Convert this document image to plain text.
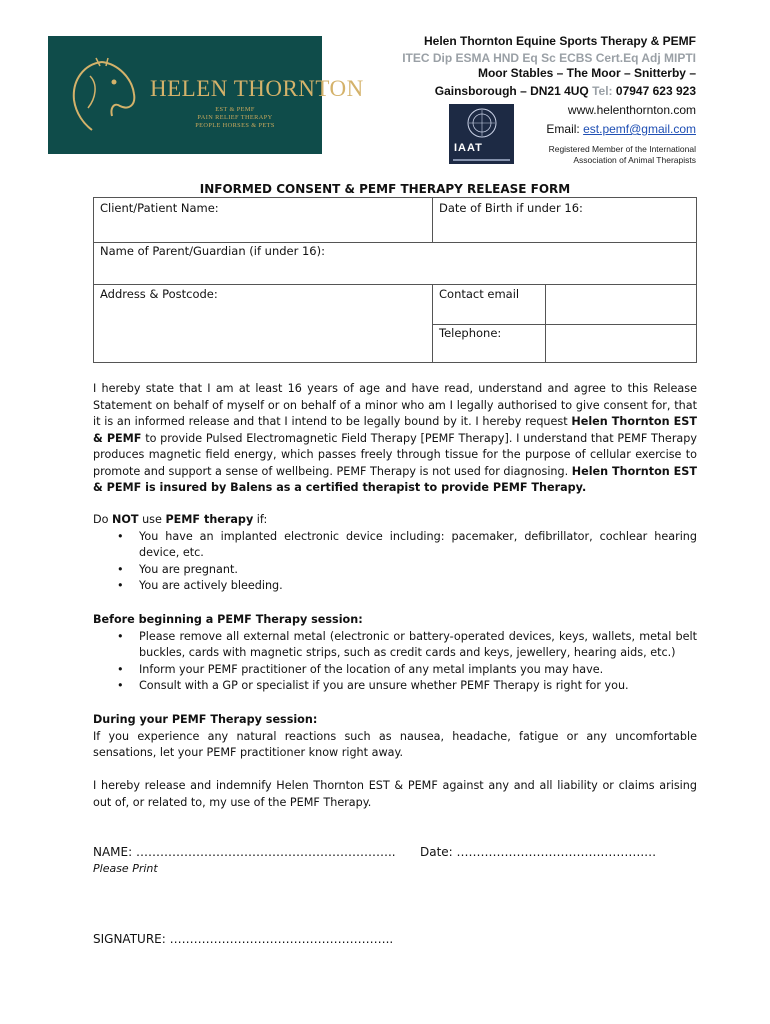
HELEN THORNTON
EST & PEMF
PAIN RELIEF THERAPY
PEOPLE HORSES & PETS
Helen Thornton Equine Sports Therapy & PEMF
ITEC Dip ESMA HND Eq Sc ECBS Cert.Eq Adj MIPTI
Moor Stables – The Moor – Snitterby –
Gainsborough – DN21 4UQ Tel: 07947 623 923
www.helenthornton.com
Email: est.pemf@gmail.com
IAAT	Registered Member of the International
Association of Animal Therapists
INFORMED CONSENT & PEMF THERAPY RELEASE FORM
Client/Patient Name:	Date of Birth if under 16:
Name of Parent/Guardian (if under 16):
Address & Postcode:	Contact email
Telephone:

I hereby state that I am at least 16 years of age and have read, understand and agree to this Release Statement on behalf of myself or on behalf of a minor who am I legally authorised to give consent for, that it is an informed release and that I intend to be legally bound by it. I hereby request Helen Thornton EST & PEMF to provide Pulsed Electromagnetic Field Therapy [PEMF Therapy]. I understand that PEMF Therapy produces magnetic field energy, which passes freely through tissue for the purpose of cellular exercise to promote and support a sense of wellbeing. PEMF Therapy is not used for diagnosing. Helen Thornton EST & PEMF is insured by Balens as a certified therapist to provide PEMF Therapy.

Do NOT use PEMF therapy if:

• You have an implanted electronic device including: pacemaker, defibrillator, cochlear hearing device, etc.
• You are pregnant.
• You are actively bleeding.

Before beginning a PEMF Therapy session:

• Please remove all external metal (electronic or battery-operated devices, keys, wallets, metal belt buckles, cards with magnetic strips, such as credit cards and keys, jewellery, hearing aids, etc.)
• Inform your PEMF practitioner of the location of any metal implants you may have.
• Consult with a GP or specialist if you are unsure whether PEMF Therapy is right for you.

During your PEMF Therapy session:

If you experience any natural reactions such as nausea, headache, fatigue or any uncomfortable sensations, let your PEMF practitioner know right away.

I hereby release and indemnify Helen Thornton EST & PEMF against any and all liability or claims arising out of, or related to, my use of the PEMF Therapy.

NAME: ……………………………………………………….. Date: ……………………………….……….…
Please Print
SIGNATURE: ………………………………………………..
